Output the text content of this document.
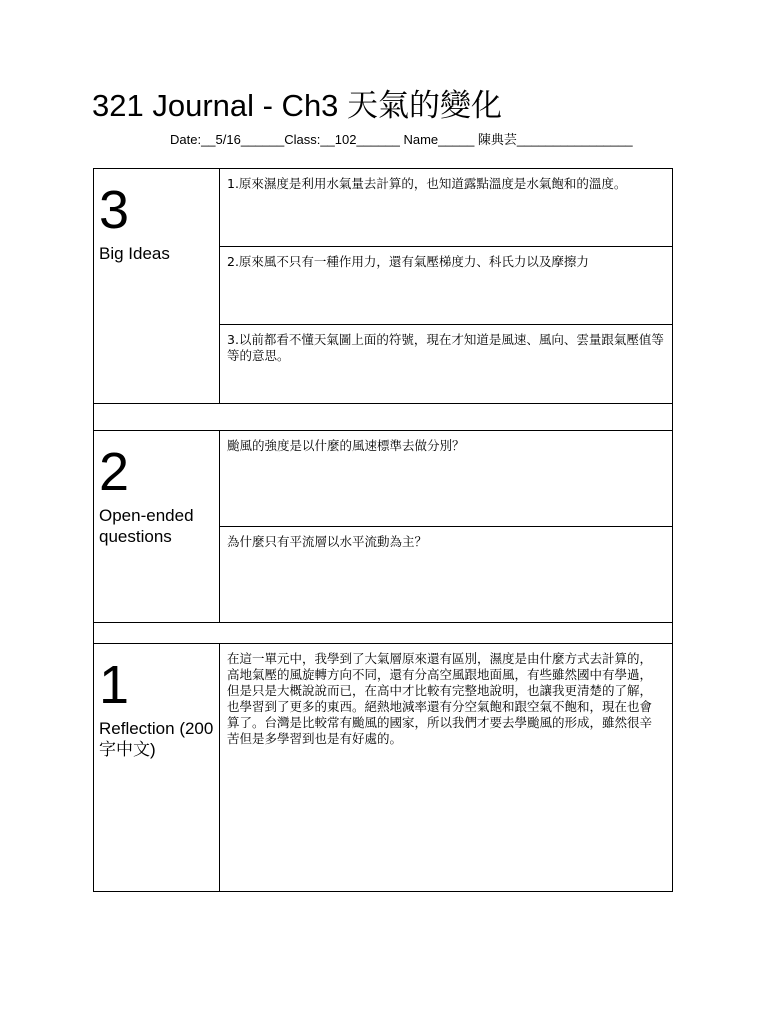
321 Journal - Ch3 天氣的變化
Date:__5/16______Class:__102______ Name_____ 陳典芸________________
3
Big Ideas
1.原來濕度是利用水氣量去計算的，也知道露點溫度是水氣飽和的溫度。
2.原來風不只有一種作用力，還有氣壓梯度力、科氏力以及摩擦力
3.以前都看不懂天氣圖上面的符號，現在才知道是風速、風向、雲量跟氣壓值等等的意思。
2
Open-ended questions
颱風的強度是以什麼的風速標準去做分別？
為什麼只有平流層以水平流動為主？
1
Reflection (200字中文)
在這一單元中，我學到了大氣層原來還有區別，濕度是由什麼方式去計算的，高地氣壓的風旋轉方向不同，還有分高空風跟地面風，有些雖然國中有學過，但是只是大概說說而已，在高中才比較有完整地說明，也讓我更清楚的了解，也學習到了更多的東西。絕熱地減率還有分空氣飽和跟空氣不飽和，現在也會算了。台灣是比較常有颱風的國家，所以我們才要去學颱風的形成，雖然很辛苦但是多學習到也是有好處的。
